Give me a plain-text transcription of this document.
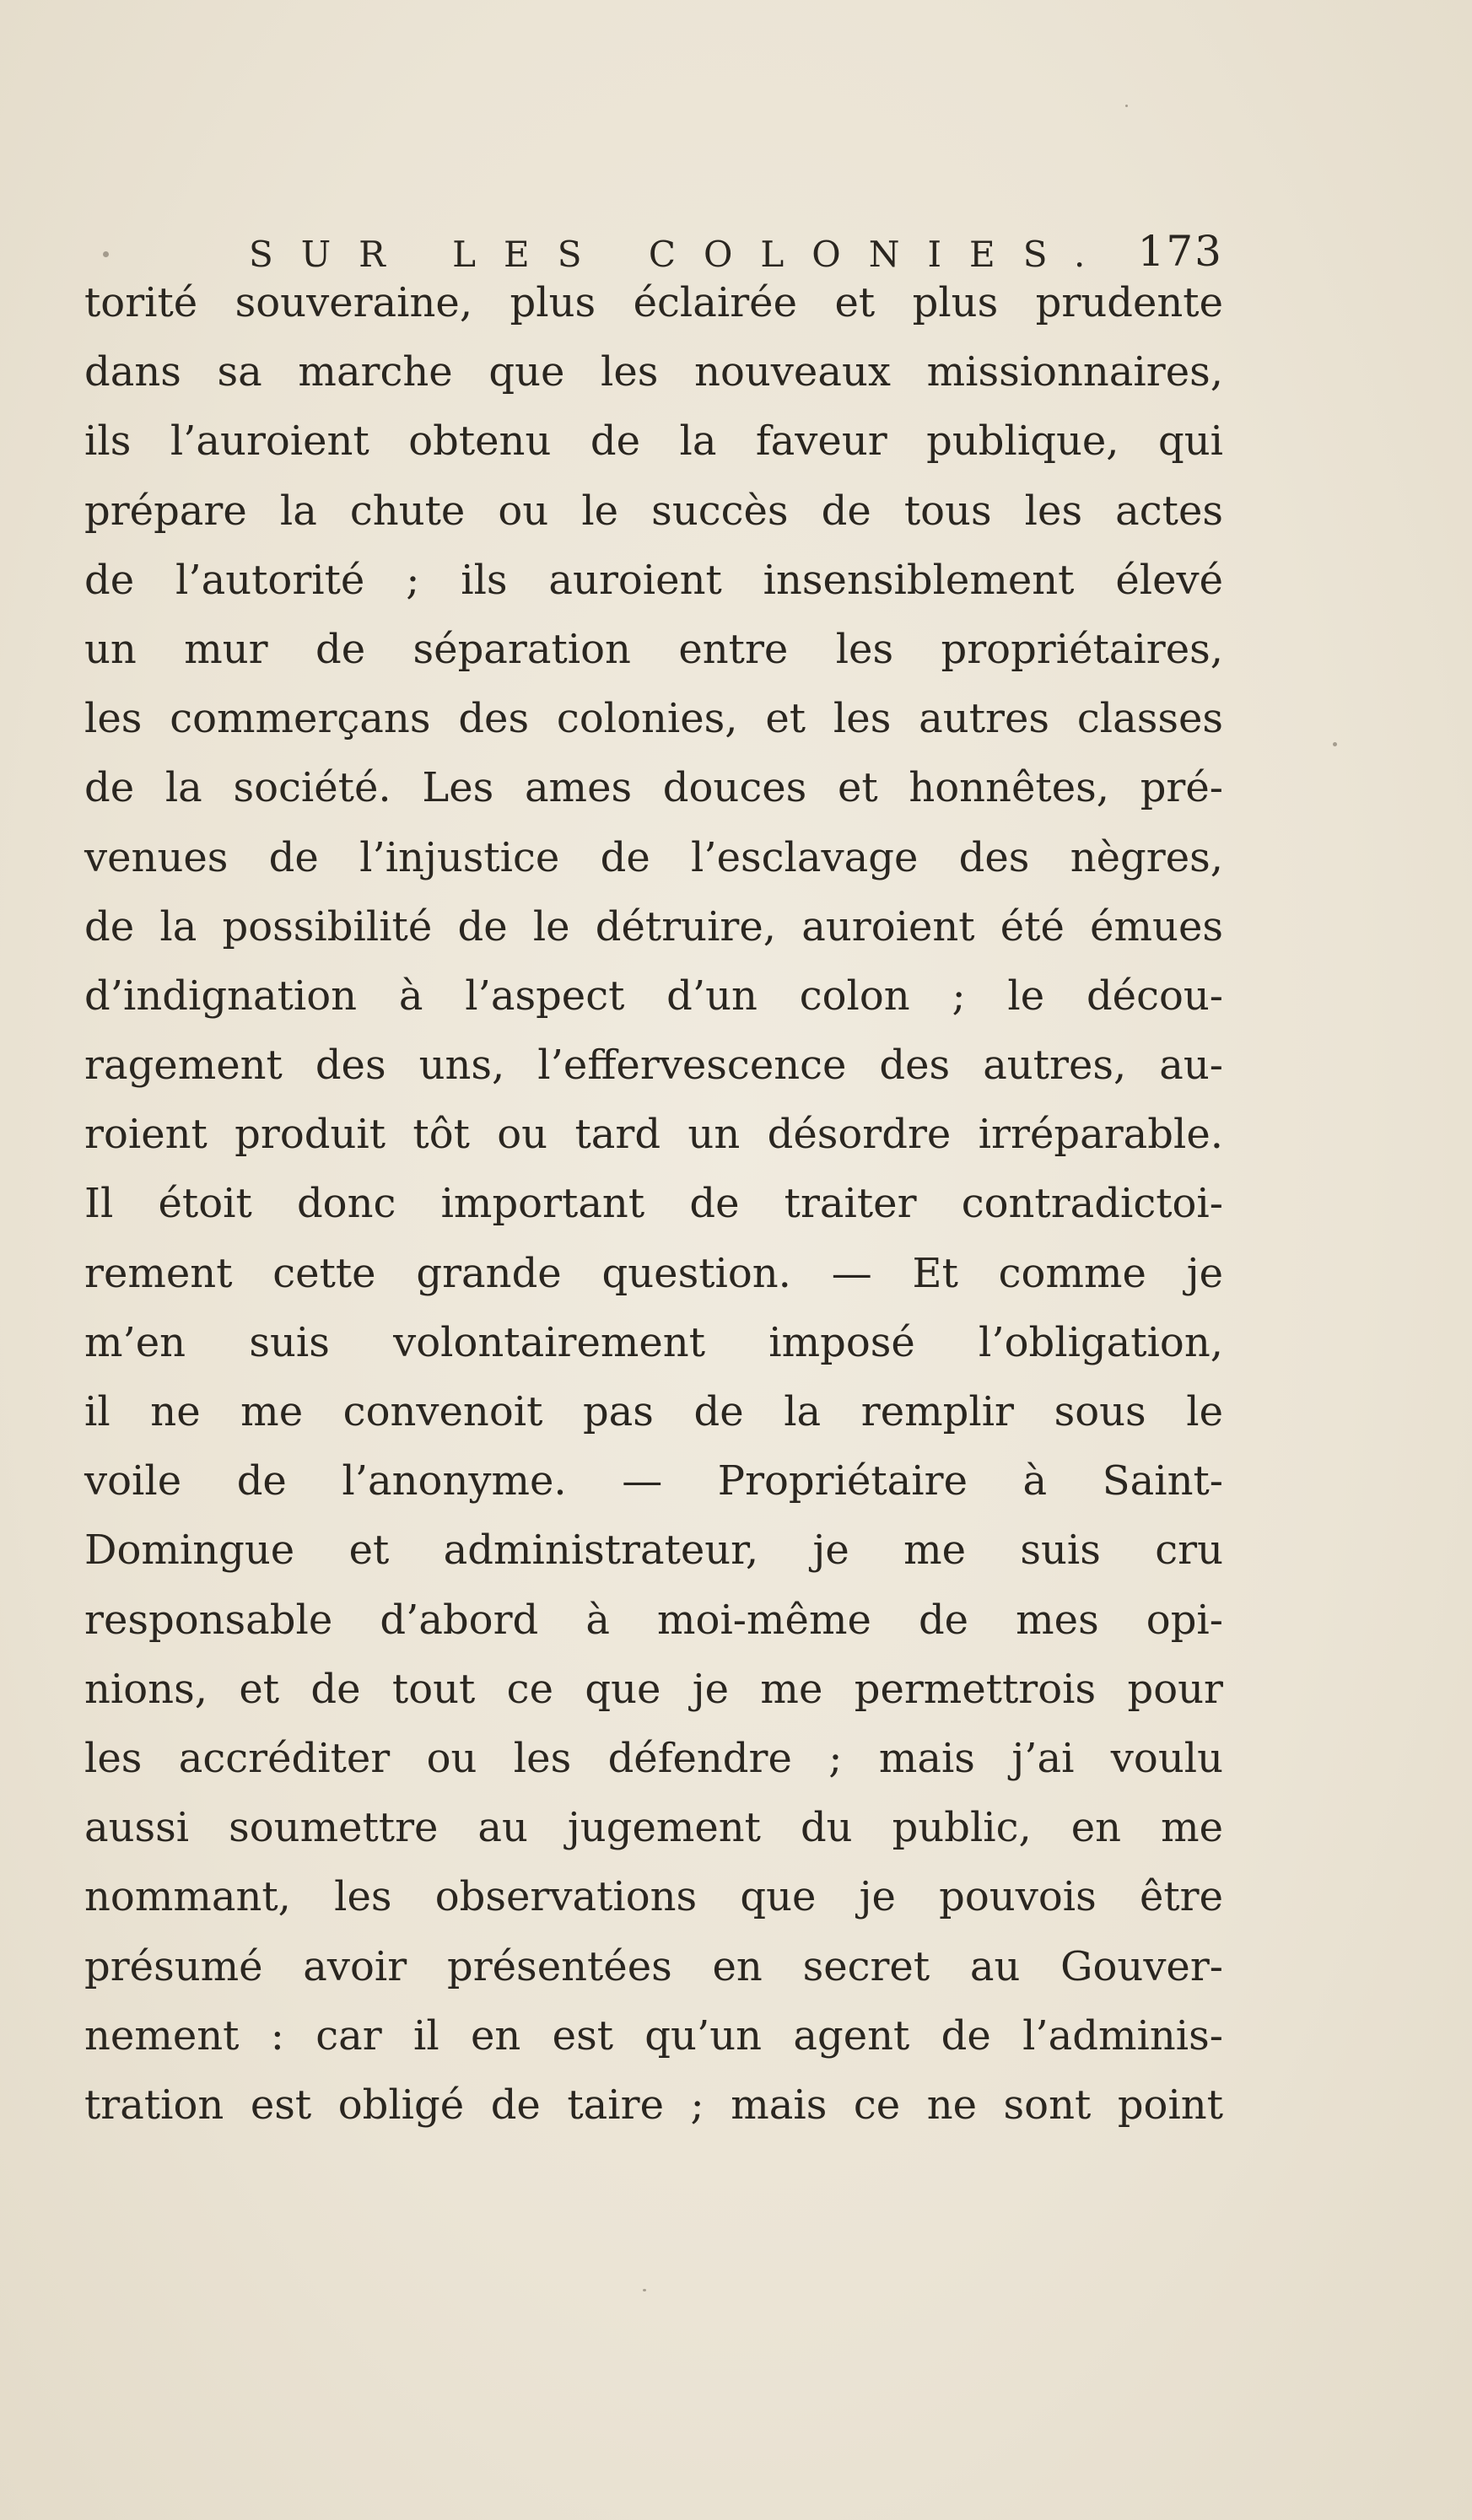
SUR LES COLONIES. 173
torité souveraine, plus éclairée et plus prudente
dans sa marche que les nouveaux missionnaires,
ils l’auroient obtenu de la faveur publique, qui
prépare la chute ou le succès de tous les actes
de l’autorité ; ils auroient insensiblement élevé
un mur de séparation entre les propriétaires,
les commerçans des colonies, et les autres classes
de la société. Les ames douces et honnêtes, pré-
venues de l’injustice de l’esclavage des nègres,
de la possibilité de le détruire, auroient été émues
d’indignation à l’aspect d’un colon ; le décou-
ragement des uns, l’effervescence des autres, au-
roient produit tôt ou tard un désordre irréparable.
Il étoit donc important de traiter contradictoi-
rement cette grande question. — Et comme je
m’en suis volontairement imposé l’obligation,
il ne me convenoit pas de la remplir sous le
voile de l’anonyme. — Propriétaire à Saint-
Domingue et administrateur, je me suis cru
responsable d’abord à moi-même de mes opi-
nions, et de tout ce que je me permettrois pour
les accréditer ou les défendre ; mais j’ai voulu
aussi soumettre au jugement du public, en me
nommant, les observations que je pouvois être
présumé avoir présentées en secret au Gouver-
nement : car il en est qu’un agent de l’adminis-
tration est obligé de taire ; mais ce ne sont point
